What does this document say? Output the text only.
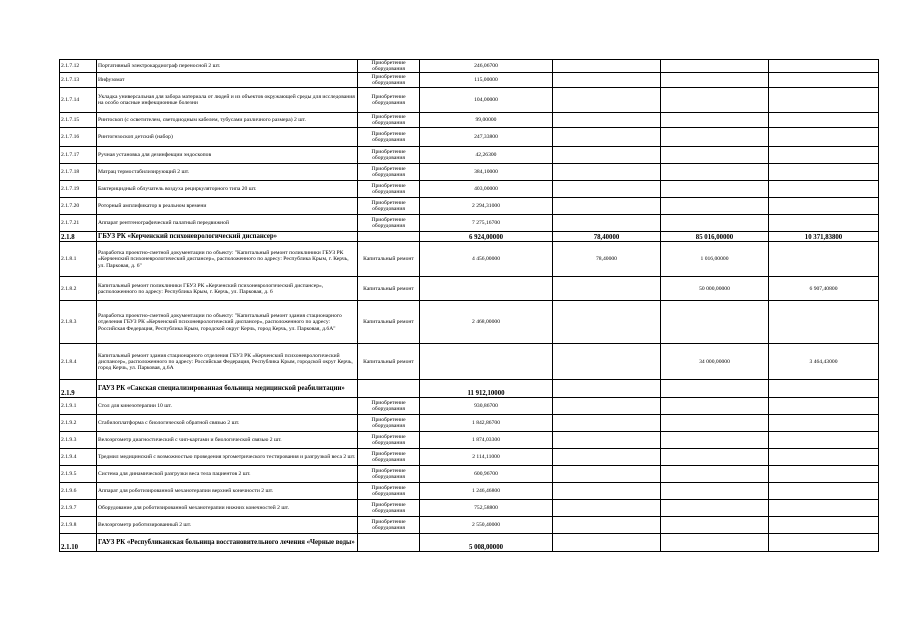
2.1.7.12	Портативный электрокардиограф переносной 2 шт.	Приобретение оборудования	246,06700			
2.1.7.13	Инфузомат	Приобретение оборудования	115,00000			
2.1.7.14	Укладка универсальная для забора материала от людей и из объектов окружающей среды для исследования на особо опасные инфекционные болезни	Приобретение оборудования	104,00000			
2.1.7.15	Ринтоскоп (с осветителем, светодиодным кабелем, тубусами различного размера) 2 шт.	Приобретение оборудования	99,00000			
2.1.7.16	Ринтогнзоскоп детский (набор)	Приобретение оборудования	247,33800			
2.1.7.17	Ручная установка для дезинфекции эндоскопов	Приобретение оборудования	42,26300			
2.1.7.18	Матрац термостабилизирующий 2 шт.	Приобретение оборудования	384,10000			
2.1.7.19	Бактерицидный облучатель воздуха рециркуляторного типа 20 шт.	Приобретение оборудования	403,00000			
2.1.7.20	Роторный амплификатор в реальном времени	Приобретение оборудования	2 294,31000			
2.1.7.21	Аппарат рентгенографический палатный передвижной	Приобретение оборудования	7 275,16700			
2.1.8	ГБУЗ РК «Керченский психоневрологический диспансер»		6 924,00000	78,40000	85 016,00000	10 371,83800
2.1.8.1	Разработка проектно-сметной документации по объекту: "Капитальный ремонт поликлиники ГБУЗ РК «Керченский психоневрологический диспансер», расположенного по адресу: Республика Крым, г. Керчь, ул. Парковая, д. 6"	Капитальный ремонт	4 456,00000	78,40000	1 016,00000	
2.1.8.2	Капитальный ремонт поликлиники ГБУЗ РК «Керченский психоневрологический диспансер», расположенного по адресу: Республика Крым, г. Керчь, ул. Парковая, д. 6	Капитальный ремонт			50 000,00000	6 907,40800
2.1.8.3	Разработка проектно-сметной документации по объекту: "Капитальный ремонт здания стационарного отделения ГБУЗ РК «Керченский психоневрологический диспансер», расположенного по адресу: Российская Федерация, Республика Крым, городской округ Керчь, город Керчь, ул. Парковая, д.6А"	Капитальный ремонт	2 468,00000			
2.1.8.4	Капитальный ремонт здания стационарного отделения ГБУЗ РК «Керченский психоневрологический диспансер», расположенного по адресу: Российская Федерация, Республика Крым, городской округ Керчь, город Керчь, ул. Парковая, д.6А	Капитальный ремонт			34 000,00000	3 464,43000
2.1.9	ГАУЗ РК «Сакская специализированная больница медицинской реабилитации»		11 912,10000			
2.1.9.1	Стол для кинезотерапии 10 шт.	Приобретение оборудования	930,86700			
2.1.9.2	Стабилоплатформа с биологической обратной связью 2 шт.	Приобретение оборудования	1 842,86700			
2.1.9.3	Велоэргометр диагностический с чип-картами и биологической связью 2 шт.	Приобретение оборудования	1 874,03300			
2.1.9.4	Тредмил медицинский с возможностью проведения эргометрического тестирования и разгрузкой веса 2 шт.	Приобретение оборудования	2 114,11000			
2.1.9.5	Система для динамической разгрузки веса тела пациентов 2 шт.	Приобретение оборудования	600,96700			
2.1.9.6	Аппарат для роботизированной механотерапии верхней конечности 2 шт.	Приобретение оборудования	1 246,46800			
2.1.9.7	Оборудование для роботизированной механотерапии нижних конечностей 2 шт.	Приобретение оборудования	752,58800			
2.1.9.8	Велоэргометр роботизированный 2 шт.	Приобретение оборудования	2 550,40000			
2.1.10	ГАУЗ РК «Республиканская больница восстановительного лечения «Черные воды»		5 008,00000			
